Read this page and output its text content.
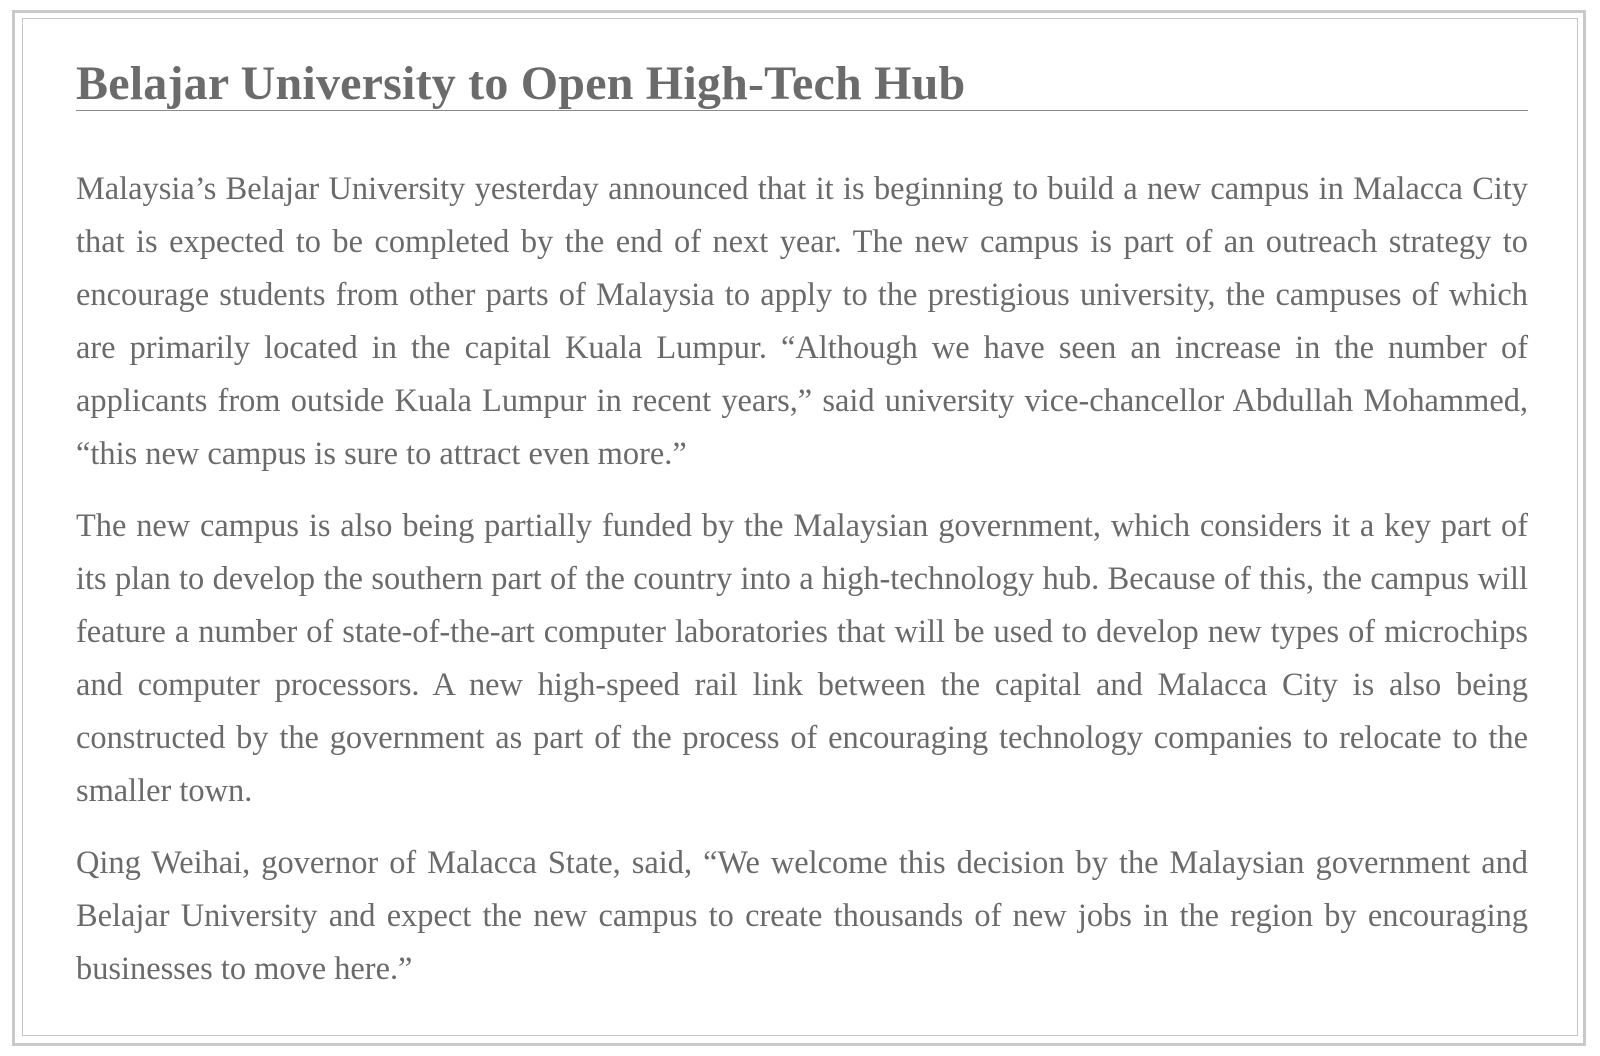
Belajar University to Open High-Tech Hub

Malaysia’s Belajar University yesterday announced that it is beginning to build a new campus in Malacca City that is expected to be completed by the end of next year. The new campus is part of an outreach strategy to encourage students from other parts of Malaysia to apply to the prestigious university, the campuses of which are primarily located in the capital Kuala Lumpur. “Although we have seen an increase in the number of applicants from outside Kuala Lumpur in recent years,” said university vice-chancellor Abdullah Mohammed, “this new campus is sure to attract even more.”

The new campus is also being partially funded by the Malaysian government, which considers it a key part of its plan to develop the southern part of the country into a high-technology hub. Because of this, the campus will feature a number of state-of-the-art computer laboratories that will be used to develop new types of microchips and computer processors. A new high-speed rail link between the capital and Malacca City is also being constructed by the government as part of the process of encouraging technology companies to relocate to the smaller town.

Qing Weihai, governor of Malacca State, said, “We welcome this decision by the Malaysian government and Belajar University and expect the new campus to create thousands of new jobs in the region by encouraging businesses to move here.”
